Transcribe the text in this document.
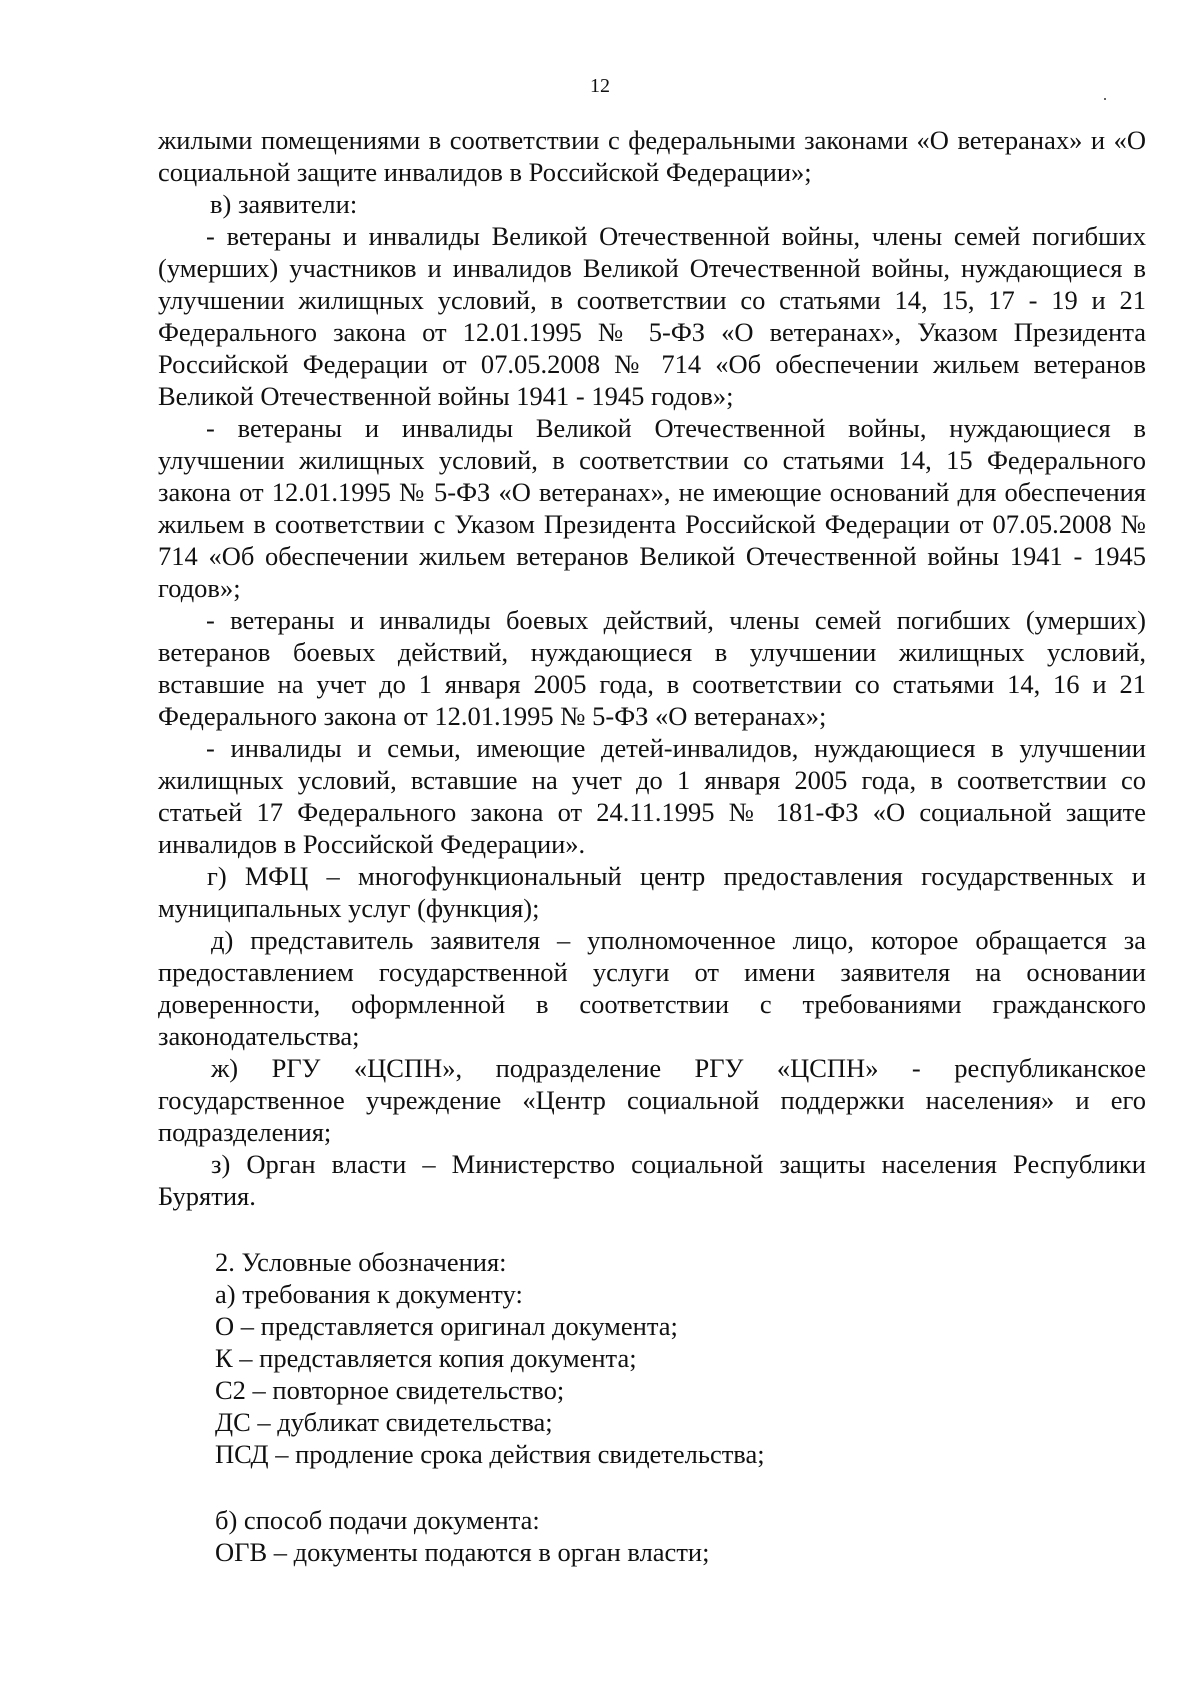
12

жилыми помещениями в соответствии с федеральными законами «О ветеранах» и «О социальной защите инвалидов в Российской Федерации»;

в) заявители:

- ветераны и инвалиды Великой Отечественной войны, члены семей погибших (умерших) участников и инвалидов Великой Отечественной войны, нуждающиеся в улучшении жилищных условий, в соответствии со статьями 14, 15, 17 - 19 и 21 Федерального закона от 12.01.1995 № 5-ФЗ «О ветеранах», Указом Президента Российской Федерации от 07.05.2008 № 714 «Об обеспечении жильем ветеранов Великой Отечественной войны 1941 - 1945 годов»;

- ветераны и инвалиды Великой Отечественной войны, нуждающиеся в улучшении жилищных условий, в соответствии со статьями 14, 15 Федерального закона от 12.01.1995 № 5-ФЗ «О ветеранах», не имеющие оснований для обеспечения жильем в соответствии с Указом Президента Российской Федерации от 07.05.2008 № 714 «Об обеспечении жильем ветеранов Великой Отечественной войны 1941 - 1945 годов»;

- ветераны и инвалиды боевых действий, члены семей погибших (умерших) ветеранов боевых действий, нуждающиеся в улучшении жилищных условий, вставшие на учет до 1 января 2005 года, в соответствии со статьями 14, 16 и 21 Федерального закона от 12.01.1995 № 5-ФЗ «О ветеранах»;

- инвалиды и семьи, имеющие детей-инвалидов, нуждающиеся в улучшении жилищных условий, вставшие на учет до 1 января 2005 года, в соответствии со статьей 17 Федерального закона от 24.11.1995 № 181-ФЗ «О социальной защите инвалидов в Российской Федерации».

г) МФЦ – многофункциональный центр предоставления государственных и муниципальных услуг (функция);

д) представитель заявителя – уполномоченное лицо, которое обращается за предоставлением государственной услуги от имени заявителя на основании доверенности, оформленной в соответствии с требованиями гражданского законодательства;

ж) РГУ «ЦСПН», подразделение РГУ «ЦСПН» - республиканское государственное учреждение «Центр социальной поддержки населения» и его подразделения;

з) Орган власти – Министерство социальной защиты населения Республики Бурятия.

2. Условные обозначения:

а) требования к документу:

О – представляется оригинал документа;

К – представляется копия документа;

С2 – повторное свидетельство;

ДС – дубликат свидетельства;

ПСД – продление срока действия свидетельства;

б) способ подачи документа:

ОГВ – документы подаются в орган власти;
